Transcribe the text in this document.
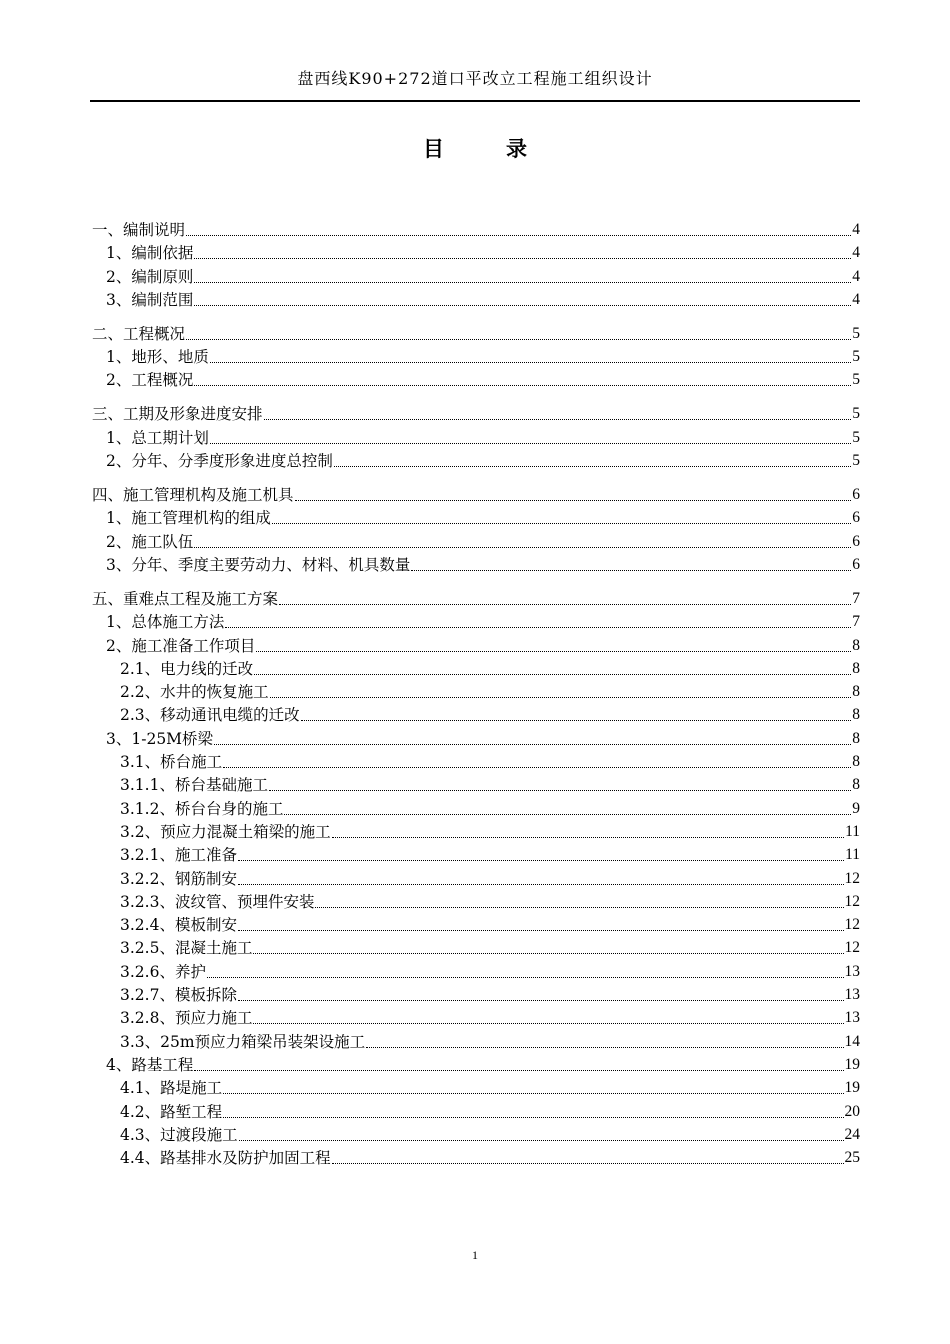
盘西线K90+272道口平改立工程施工组织设计
目	录
一、编制说明	4
1、编制依据	4
2、编制原则	4
3、编制范围	4
二、工程概况	5
1、地形、地质	5
2、工程概况	5
三、工期及形象进度安排	5
1、总工期计划	5
2、分年、分季度形象进度总控制	5
四、施工管理机构及施工机具	6
1、施工管理机构的组成	6
2、施工队伍	6
3、分年、季度主要劳动力、材料、机具数量	6
五、重难点工程及施工方案	7
1、总体施工方法	7
2、施工准备工作项目	8
2.1、电力线的迁改	8
2.2、水井的恢复施工	8
2.3、移动通讯电缆的迁改	8
3、1-25M桥梁	8
3.1、桥台施工	8
3.1.1、桥台基础施工	8
3.1.2、桥台台身的施工	9
3.2、预应力混凝土箱梁的施工	11
3.2.1、施工准备	11
3.2.2、钢筋制安	12
3.2.3、波纹管、预埋件安装	12
3.2.4、模板制安	12
3.2.5、混凝土施工	12
3.2.6、养护	13
3.2.7、模板拆除	13
3.2.8、预应力施工	13
3.3、25m预应力箱梁吊装架设施工	14
4、路基工程	19
4.1、路堤施工	19
4.2、路堑工程	20
4.3、过渡段施工	24
4.4、路基排水及防护加固工程	25
1
